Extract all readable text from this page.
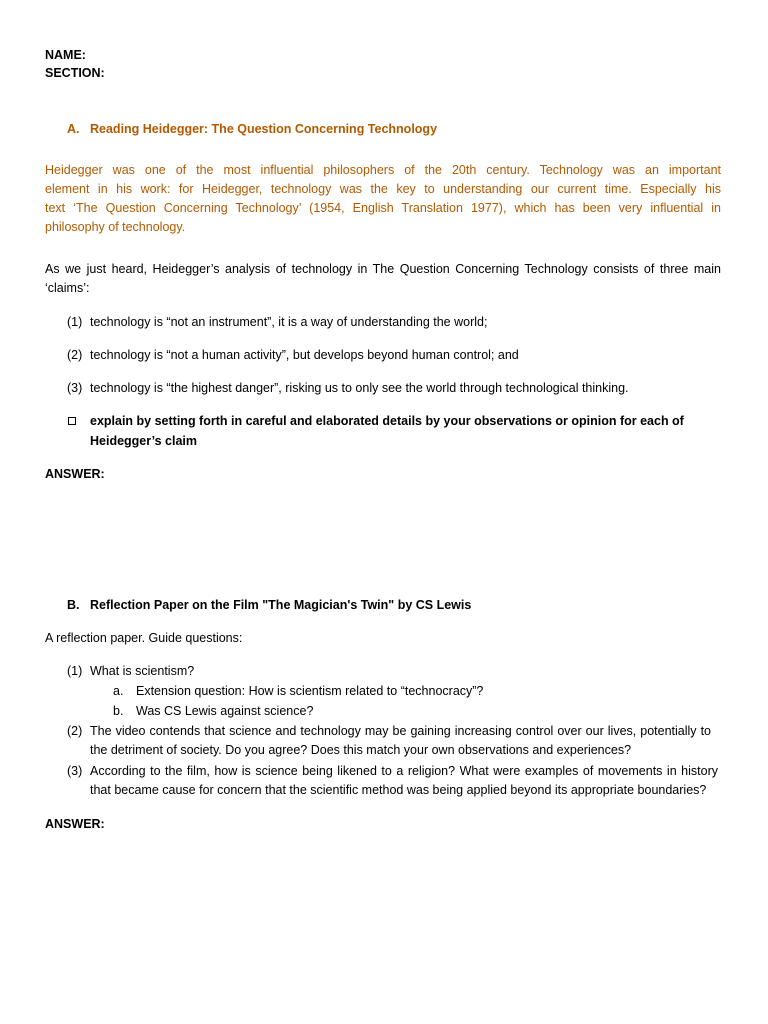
NAME:
SECTION:
A. Reading Heidegger: The Question Concerning Technology
Heidegger was one of the most influential philosophers of the 20th century. Technology was an important
element in his work: for Heidegger, technology was the key to understanding our current time. Especially his
text ‘The Question Concerning Technology’ (1954, English Translation 1977), which has been very influential in
philosophy of technology.
As we just heard, Heidegger’s analysis of technology in The Question Concerning Technology consists of three main
‘claims’:
(1) technology is “not an instrument”, it is a way of understanding the world;
(2) technology is “not a human activity”, but develops beyond human control; and
(3) technology is “the highest danger”, risking us to only see the world through technological thinking.
explain by setting forth in careful and elaborated details by your observations or opinion for each of
Heidegger’s claim
ANSWER:
B. Reflection Paper on the Film "The Magician's Twin" by CS Lewis
A reflection paper. Guide questions:
(1) What is scientism?
a. Extension question: How is scientism related to “technocracy”?
b. Was CS Lewis against science?
(2) The video contends that science and technology may be gaining increasing control over our lives, potentially to
the detriment of society. Do you agree? Does this match your own observations and experiences?
(3) According to the film, how is science being likened to a religion? What were examples of movements in history
that became cause for concern that the scientific method was being applied beyond its appropriate boundaries?
ANSWER:
